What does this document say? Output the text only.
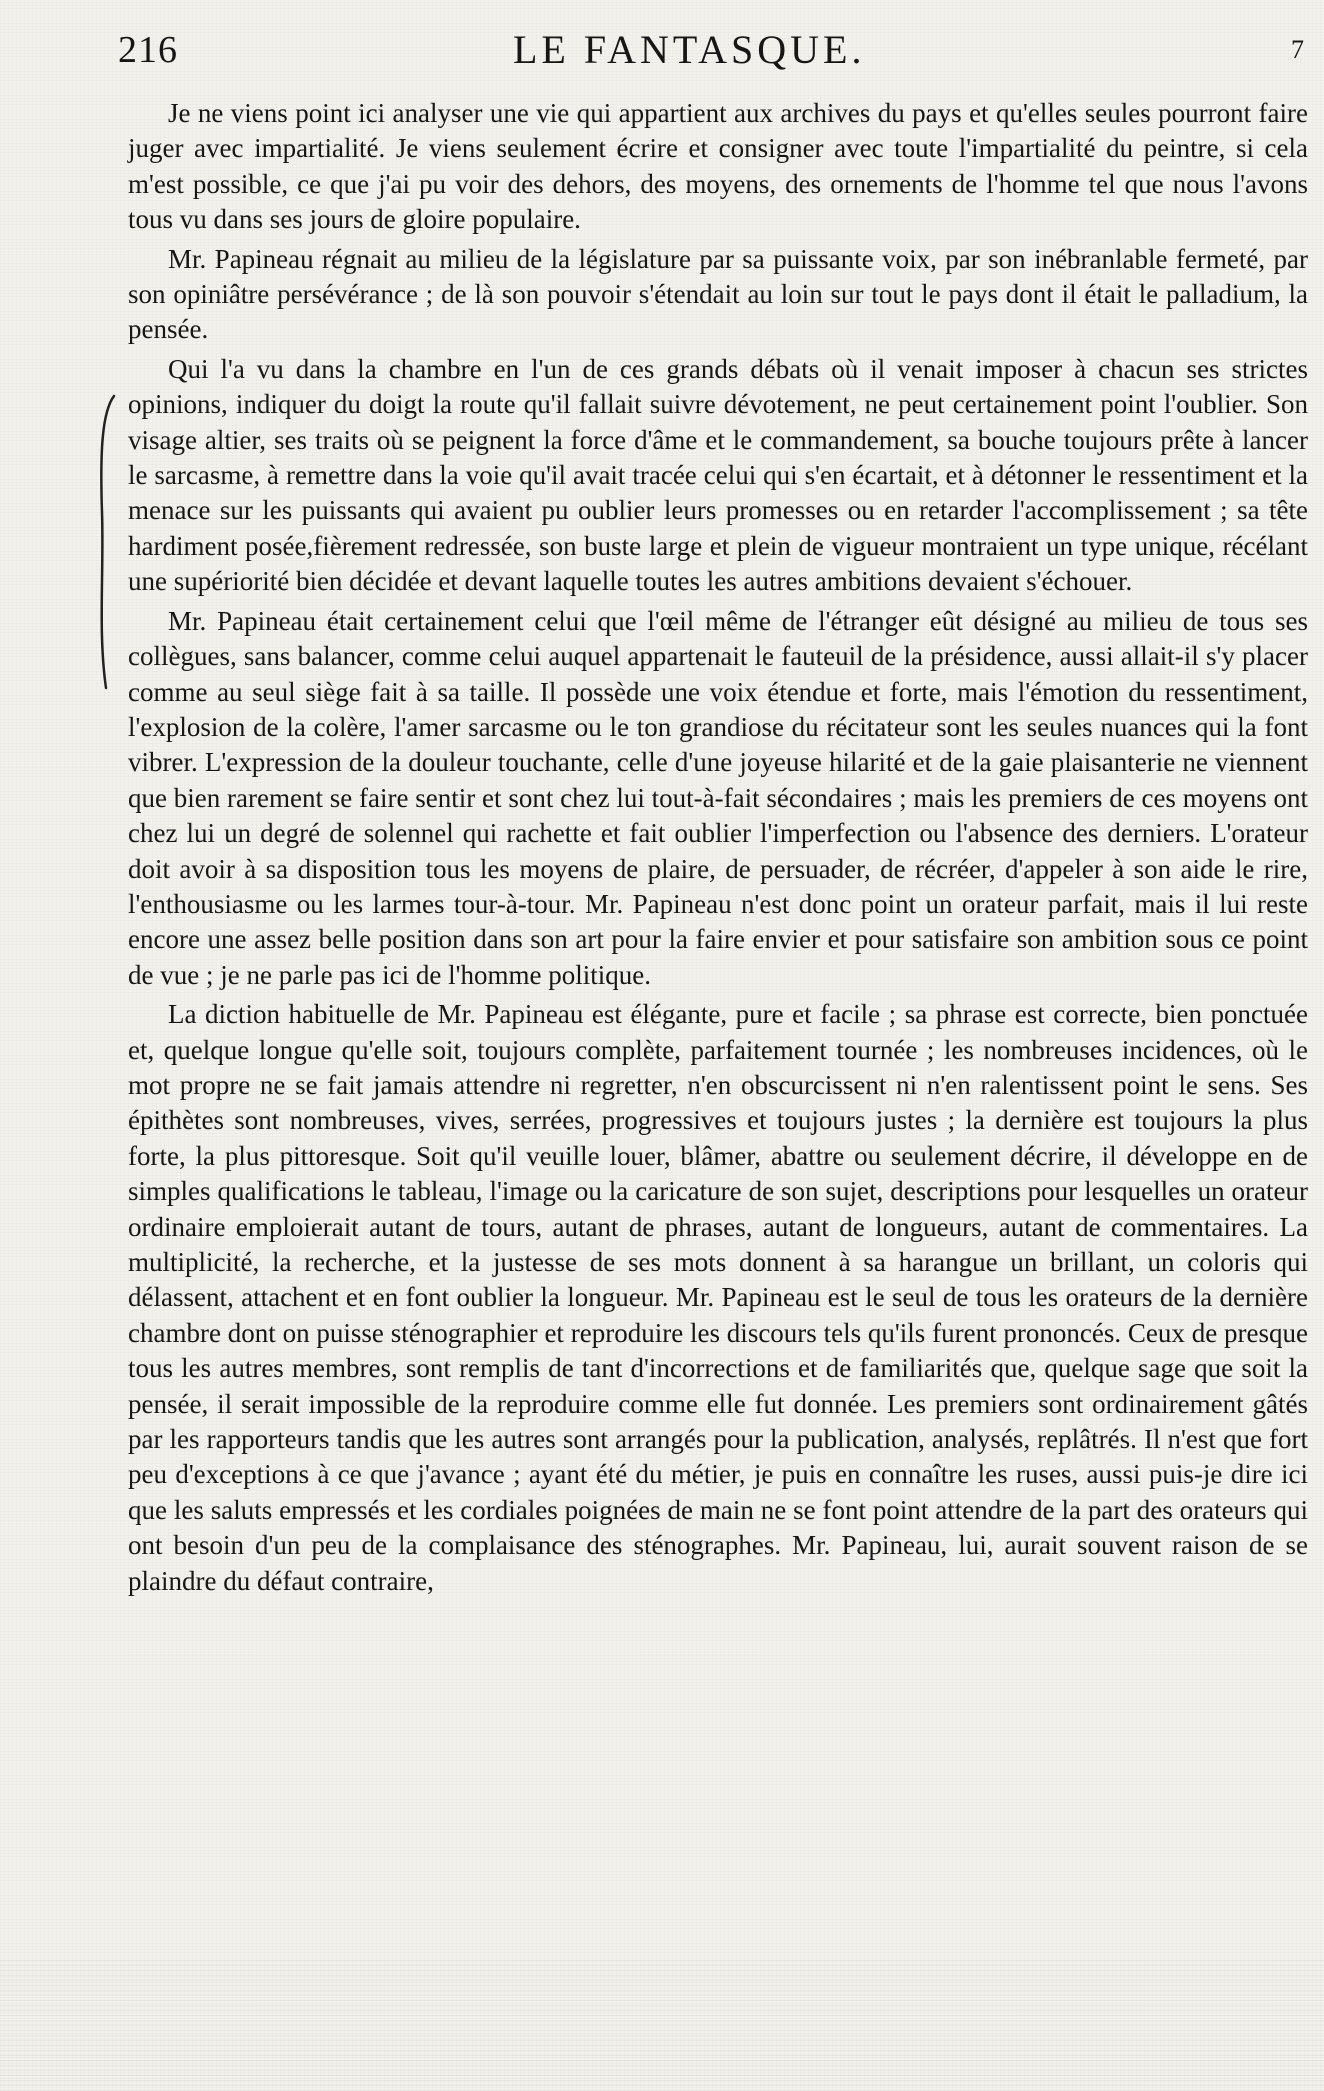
216	LE FANTASQUE.	7

Je ne viens point ici analyser une vie qui appartient aux archives du pays et qu'elles seules pourront faire juger avec impartialité. Je viens seulement écrire et consigner avec toute l'impartialité du peintre, si cela m'est possible, ce que j'ai pu voir des dehors, des moyens, des ornements de l'homme tel que nous l'avons tous vu dans ses jours de gloire populaire.

Mr. Papineau régnait au milieu de la législature par sa puissante voix, par son inébranlable fermeté, par son opiniâtre persévérance ; de là son pouvoir s'étendait au loin sur tout le pays dont il était le palladium, la pensée.

Qui l'a vu dans la chambre en l'un de ces grands débats où il venait imposer à chacun ses strictes opinions, indiquer du doigt la route qu'il fallait suivre dévotement, ne peut certainement point l'oublier. Son visage altier, ses traits où se peignent la force d'âme et le commandement, sa bouche toujours prête à lancer le sarcasme, à remettre dans la voie qu'il avait tracée celui qui s'en écartait, et à détonner le ressentiment et la menace sur les puissants qui avaient pu oublier leurs promesses ou en retarder l'accomplissement ; sa tête hardiment posée,fièrement redressée, son buste large et plein de vigueur montraient un type unique, récélant une supériorité bien décidée et devant laquelle toutes les autres ambitions devaient s'échouer.

Mr. Papineau était certainement celui que l'œil même de l'étranger eût désigné au milieu de tous ses collègues, sans balancer, comme celui auquel appartenait le fauteuil de la présidence, aussi allait-il s'y placer comme au seul siège fait à sa taille. Il possède une voix étendue et forte, mais l'émotion du ressentiment, l'explosion de la colère, l'amer sarcasme ou le ton grandiose du récitateur sont les seules nuances qui la font vibrer. L'expression de la douleur touchante, celle d'une joyeuse hilarité et de la gaie plaisanterie ne viennent que bien rarement se faire sentir et sont chez lui tout-à-fait sécondaires ; mais les premiers de ces moyens ont chez lui un degré de solennel qui rachette et fait oublier l'imperfection ou l'absence des derniers. L'orateur doit avoir à sa disposition tous les moyens de plaire, de persuader, de récréer, d'appeler à son aide le rire, l'enthousiasme ou les larmes tour-à-tour. Mr. Papineau n'est donc point un orateur parfait, mais il lui reste encore une assez belle position dans son art pour la faire envier et pour satisfaire son ambition sous ce point de vue ; je ne parle pas ici de l'homme politique.

La diction habituelle de Mr. Papineau est élégante, pure et facile ; sa phrase est correcte, bien ponctuée et, quelque longue qu'elle soit, toujours complète, parfaitement tournée ; les nombreuses incidences, où le mot propre ne se fait jamais attendre ni regretter, n'en obscurcissent ni n'en ralentissent point le sens. Ses épithètes sont nombreuses, vives, serrées, progressives et toujours justes ; la dernière est toujours la plus forte, la plus pittoresque. Soit qu'il veuille louer, blâmer, abattre ou seulement décrire, il développe en de simples qualifications le tableau, l'image ou la caricature de son sujet, descriptions pour lesquelles un orateur ordinaire emploierait autant de tours, autant de phrases, autant de longueurs, autant de commentaires. La multiplicité, la recherche, et la justesse de ses mots donnent à sa harangue un brillant, un coloris qui délassent, attachent et en font oublier la longueur. Mr. Papineau est le seul de tous les orateurs de la dernière chambre dont on puisse sténographier et reproduire les discours tels qu'ils furent prononcés. Ceux de presque tous les autres membres, sont remplis de tant d'incorrections et de familiarités que, quelque sage que soit la pensée, il serait impossible de la reproduire comme elle fut donnée. Les premiers sont ordinairement gâtés par les rapporteurs tandis que les autres sont arrangés pour la publication, analysés, replâtrés. Il n'est que fort peu d'exceptions à ce que j'avance ; ayant été du métier, je puis en connaître les ruses, aussi puis-je dire ici que les saluts empressés et les cordiales poignées de main ne se font point attendre de la part des orateurs qui ont besoin d'un peu de la complaisance des sténographes. Mr. Papineau, lui, aurait souvent raison de se plaindre du défaut contraire,
